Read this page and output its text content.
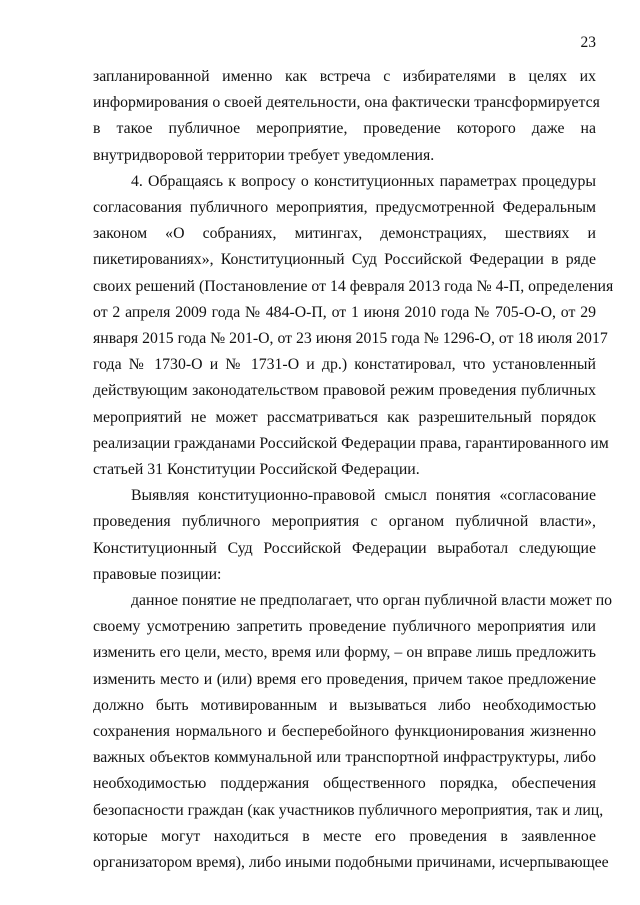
23
запланированной именно как встреча с избирателями в целях их
информирования о своей деятельности, она фактически трансформируется
в такое публичное мероприятие, проведение которого даже на
внутридворовой территории требует уведомления.
4. Обращаясь к вопросу о конституционных параметрах процедуры
согласования публичного мероприятия, предусмотренной Федеральным
законом «О собраниях, митингах, демонстрациях, шествиях и
пикетированиях», Конституционный Суд Российской Федерации в ряде
своих решений (Постановление от 14 февраля 2013 года № 4-П, определения
от 2 апреля 2009 года № 484-О-П, от 1 июня 2010 года № 705-О-О, от 29
января 2015 года № 201-О, от 23 июня 2015 года № 1296-О, от 18 июля 2017
года № 1730-О и № 1731-О и др.) констатировал, что установленный
действующим законодательством правовой режим проведения публичных
мероприятий не может рассматриваться как разрешительный порядок
реализации гражданами Российской Федерации права, гарантированного им
статьей 31 Конституции Российской Федерации.
Выявляя конституционно-правовой смысл понятия «согласование
проведения публичного мероприятия с органом публичной власти»,
Конституционный Суд Российской Федерации выработал следующие
правовые позиции:
данное понятие не предполагает, что орган публичной власти может по
своему усмотрению запретить проведение публичного мероприятия или
изменить его цели, место, время или форму, – он вправе лишь предложить
изменить место и (или) время его проведения, причем такое предложение
должно быть мотивированным и вызываться либо необходимостью
сохранения нормального и бесперебойного функционирования жизненно
важных объектов коммунальной или транспортной инфраструктуры, либо
необходимостью поддержания общественного порядка, обеспечения
безопасности граждан (как участников публичного мероприятия, так и лиц,
которые могут находиться в месте его проведения в заявленное
организатором время), либо иными подобными причинами, исчерпывающее
